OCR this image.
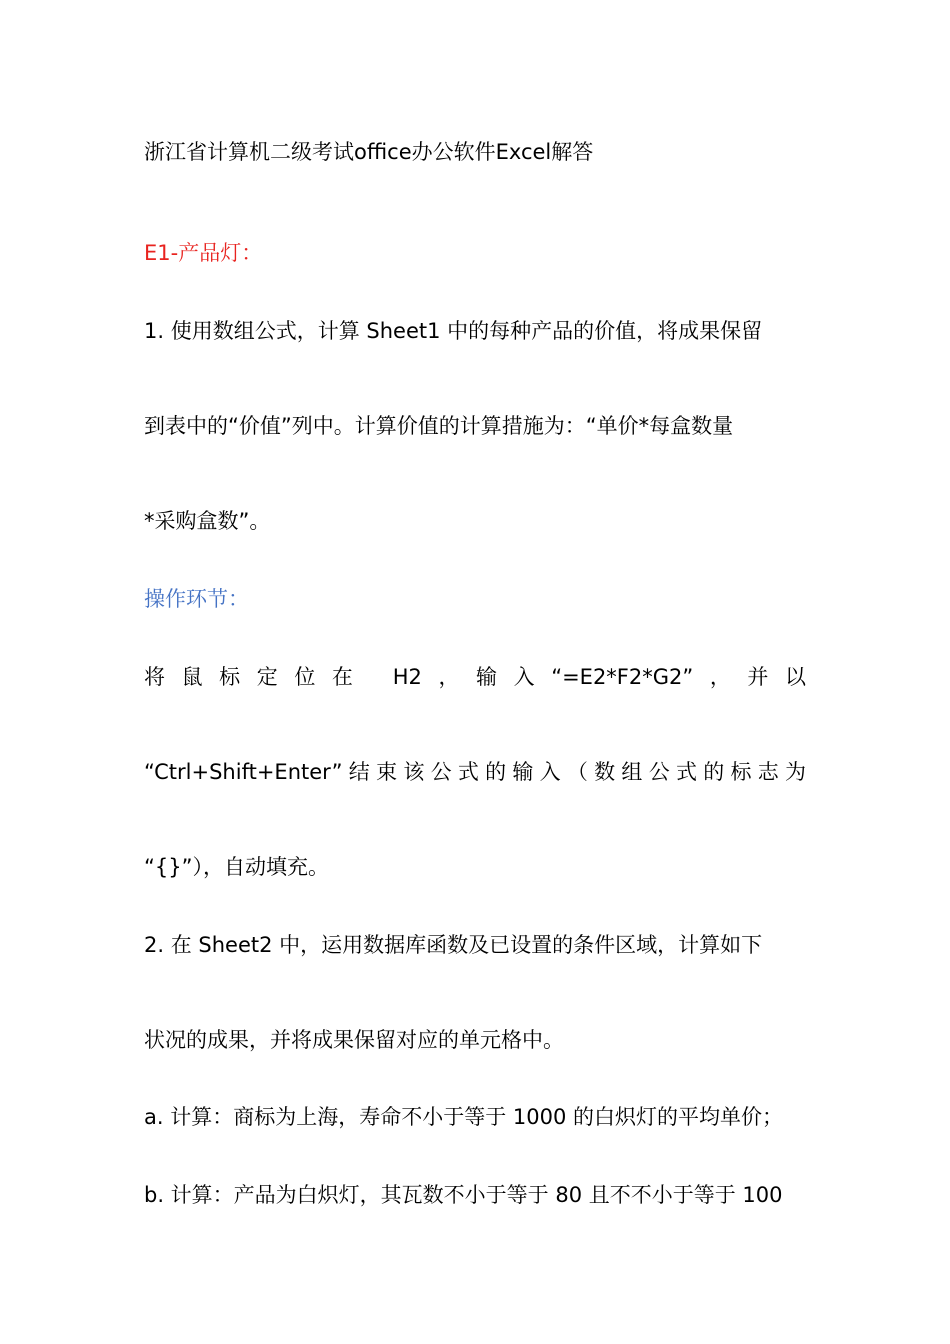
浙江省计算机二级考试office办公软件Excel解答
E1-产品灯：
1. 使用数组公式，计算 Sheet1 中的每种产品的价值，将成果保留
到表中的“价值”列中。计算价值的计算措施为：“单价*每盒数量
*采购盒数”。
操作环节：
将鼠标定位在 H2，输入“=E2*F2*G2”，并以
“Ctrl+Shift+Enter”结束该公式的输入（数组公式的标志为
“{}”），自动填充。
2. 在 Sheet2 中，运用数据库函数及已设置的条件区域，计算如下
状况的成果，并将成果保留对应的单元格中。
a. 计算：商标为上海，寿命不小于等于 1000 的白炽灯的平均单价；
b. 计算：产品为白炽灯，其瓦数不小于等于 80 且不不小于等于 100
